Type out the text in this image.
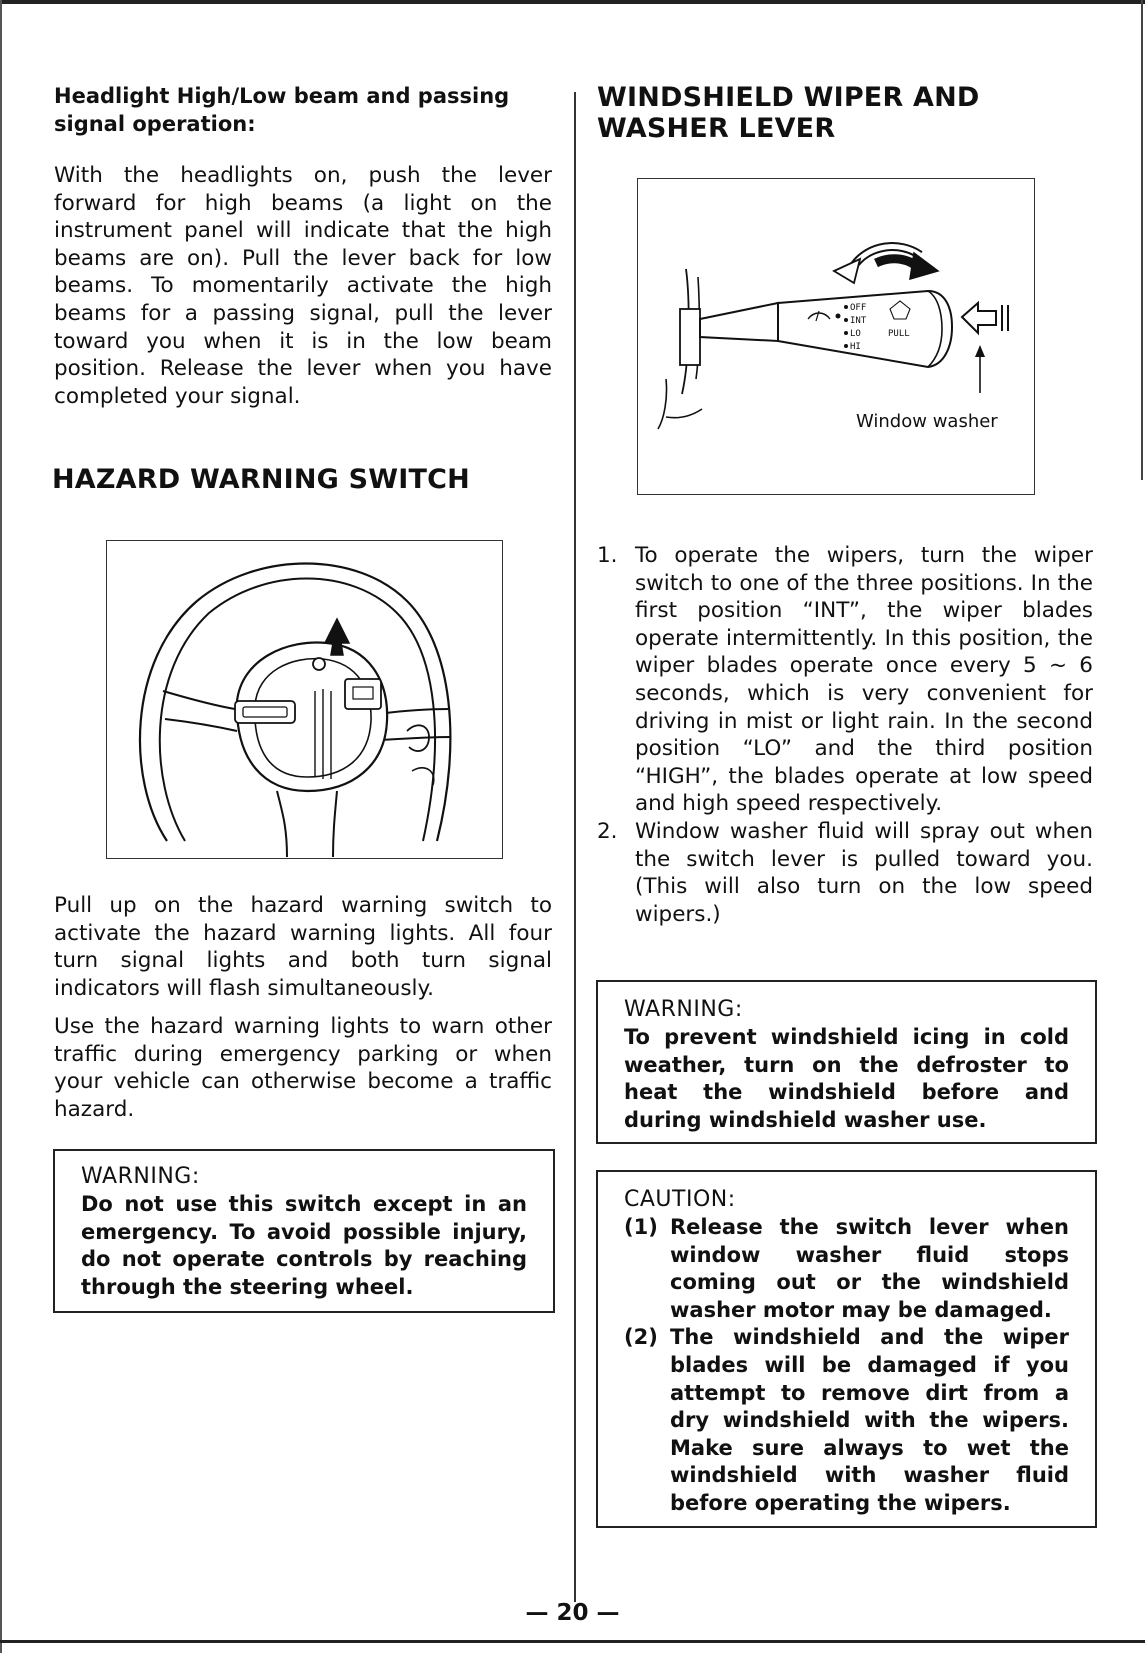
Headlight High/Low beam and passing signal operation:

With the headlights on, push the lever forward for high beams (a light on the instrument panel will indicate that the high beams are on). Pull the lever back for low beams. To momentarily activate the high beams for a passing signal, pull the lever toward you when it is in the low beam position. Release the lever when you have completed your signal.

HAZARD WARNING SWITCH

Pull up on the hazard warning switch to activate the hazard warning lights. All four turn signal lights and both turn signal indicators will flash simultaneously.

Use the hazard warning lights to warn other traffic during emergency parking or when your vehicle can otherwise become a traffic hazard.

WARNING:

Do not use this switch except in an emergency. To avoid possible injury, do not operate controls by reaching through the steering wheel.

WINDSHIELD WIPER AND
WASHER LEVER
OFF
INT
LO
HI
PULL
Window washer
1. To operate the wipers, turn the wiper switch to one of the three positions. In the first position “INT”, the wiper blades operate intermittently. In this position, the wiper blades operate once every 5 ~ 6 seconds, which is very convenient for driving in mist or light rain. In the second position “LO” and the third position “HIGH”, the blades operate at low speed and high speed respectively.
2. Window washer fluid will spray out when the switch lever is pulled toward you. (This will also turn on the low speed wipers.)

WARNING:

To prevent windshield icing in cold weather, turn on the defroster to heat the windshield before and during windshield washer use.

CAUTION:

(1) Release the switch lever when window washer fluid stops coming out or the windshield washer motor may be damaged.
(2) The windshield and the wiper blades will be damaged if you attempt to remove dirt from a dry windshield with the wipers. Make sure always to wet the windshield with washer fluid before operating the wipers.
— 20 —
